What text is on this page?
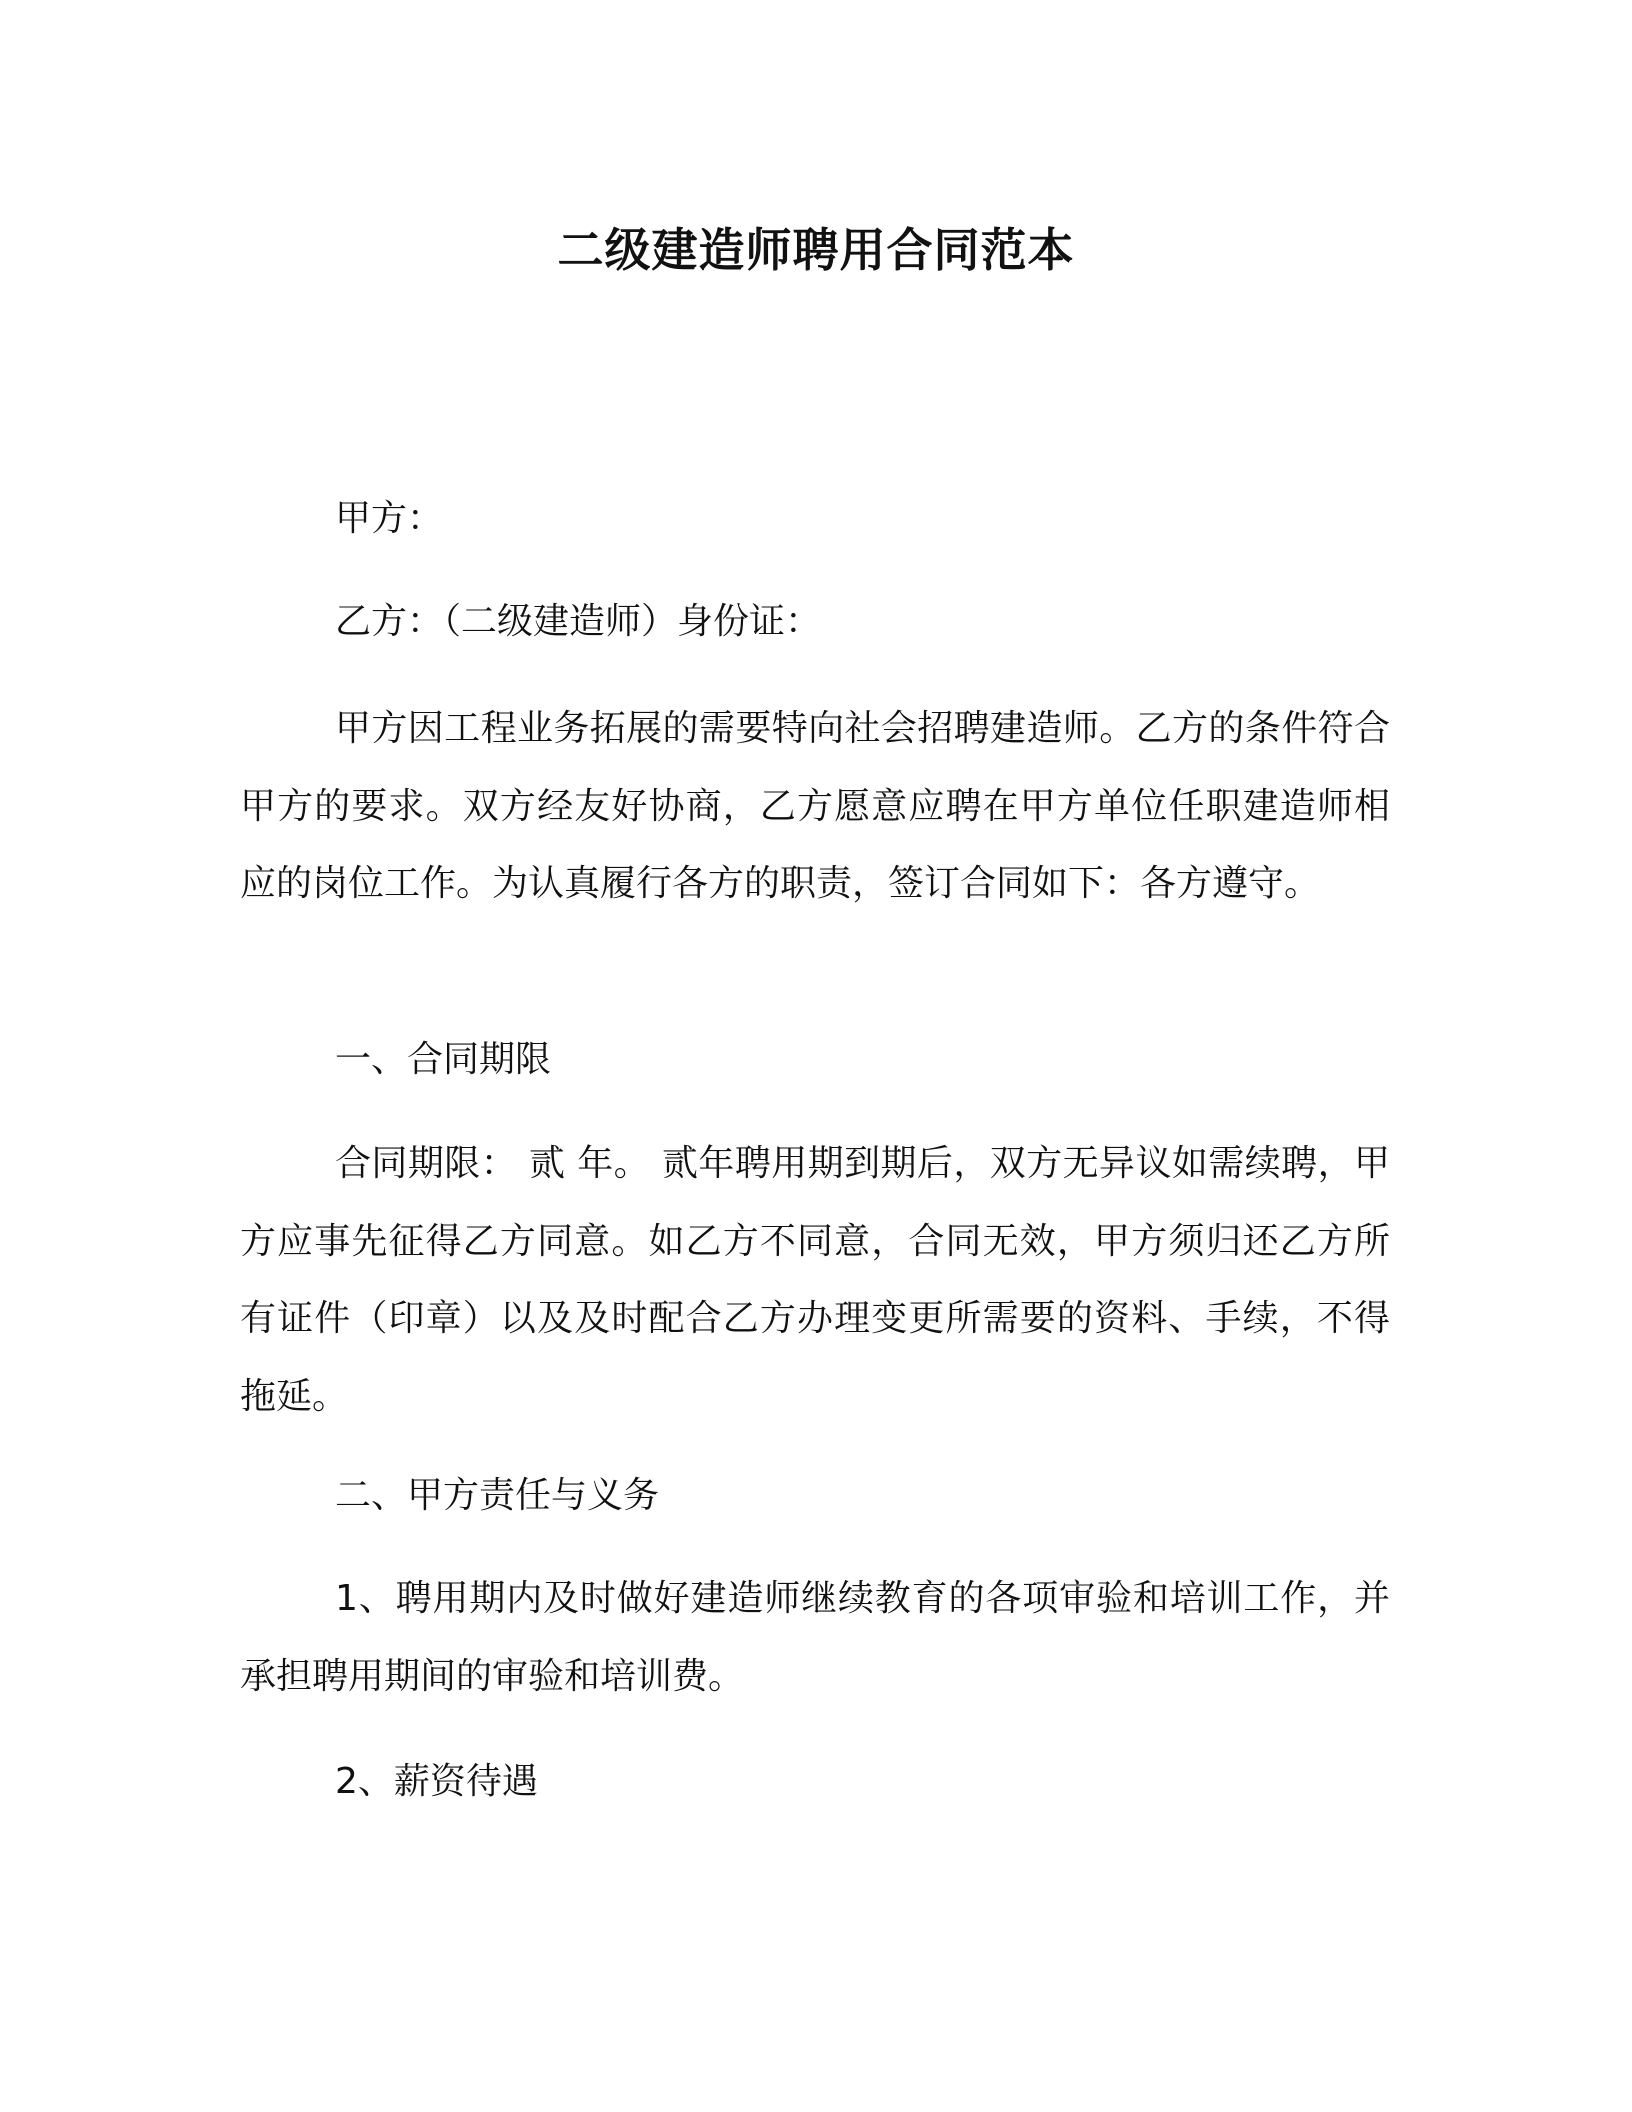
二级建造师聘用合同范本

甲方：

乙方：（二级建造师）身份证：

甲方因工程业务拓展的需要特向社会招聘建造师。乙方的条件符合甲方的要求。双方经友好协商，乙方愿意应聘在甲方单位任职建造师相应的岗位工作。为认真履行各方的职责，签订合同如下：各方遵守。

一、合同期限

合同期限： 贰 年。 贰年聘用期到期后，双方无异议如需续聘，甲方应事先征得乙方同意。如乙方不同意，合同无效，甲方须归还乙方所有证件（印章）以及及时配合乙方办理变更所需要的资料、手续，不得拖延。

二、甲方责任与义务

1、聘用期内及时做好建造师继续教育的各项审验和培训工作，并承担聘用期间的审验和培训费。

2、薪资待遇
